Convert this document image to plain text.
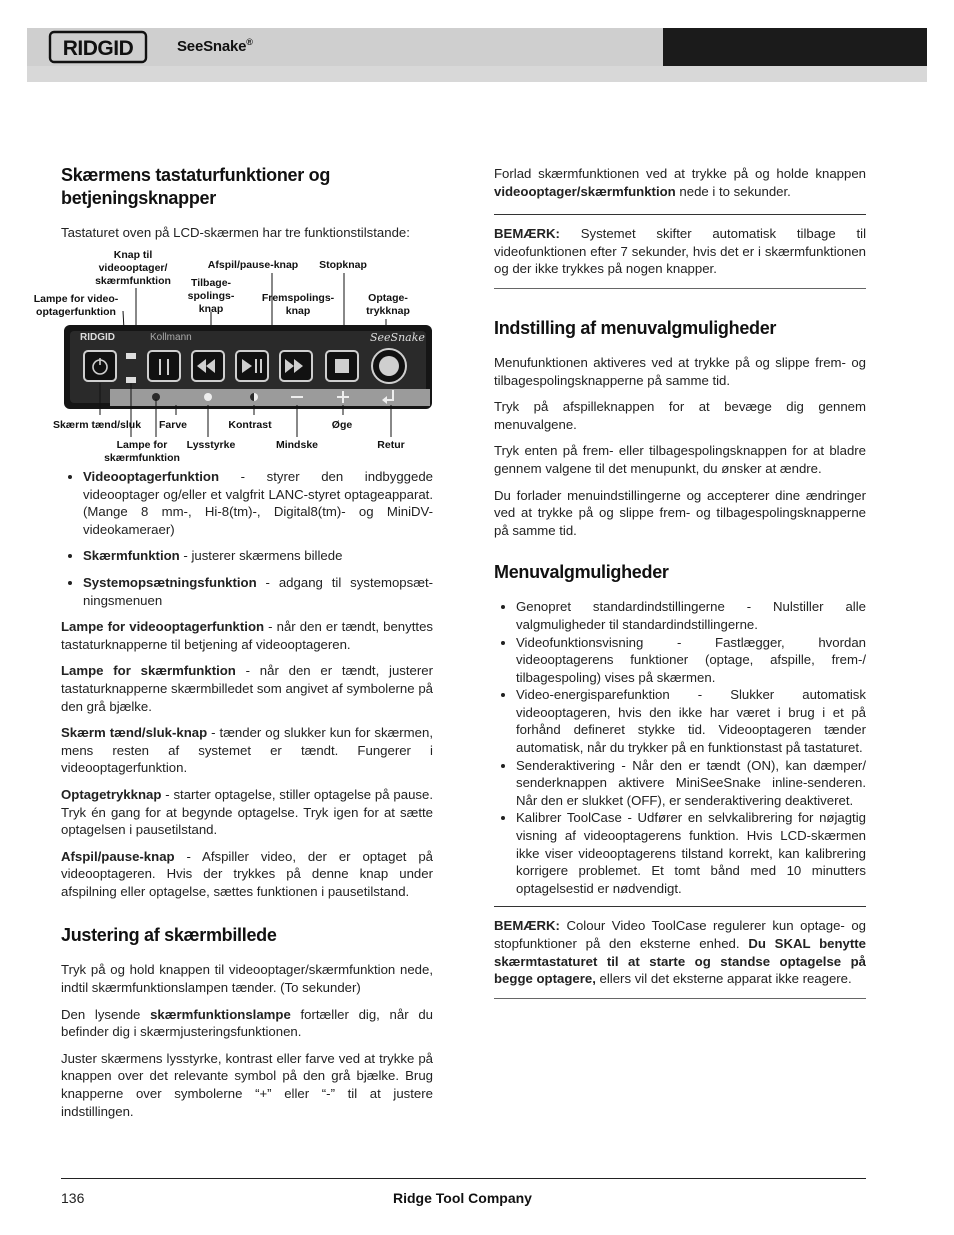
RIDGID	SeeSnake®
Skærmens tastaturfunktioner og betjeningsknapper

Tastaturet oven på LCD-skærmen har tre funktionstilstande:

Knap til videooptager/ skærmfunktion
Afspil/pause-knap	Stopknap
Lampe for video- optagerfunktion
Tilbage- spolings- knap
Fremspolings- knap
Optage- trykknap
RIDGID	Kollmann	SeeSnake
Skærm tænd/sluk	Farve	Kontrast	Øge
Lampe for skærmfunktion
Lysstyrke	Mindske	Retur
• Videooptagerfunktion - styrer den indbyggede videooptager og/eller et valgfrit LANC-styret optageapparat. (Mange 8 mm-, Hi-8(tm)-, Digital8(tm)- og MiniDV-videokameraer)
• Skærmfunktion - justerer skærmens billede
• Systemopsætningsfunktion - adgang til systemopsæt-ningsmenuen

Lampe for videooptagerfunktion - når den er tændt, benyttes tastaturknapperne til betjening af videooptageren.

Lampe for skærmfunktion - når den er tændt, justerer tastaturknapperne skærmbilledet som angivet af symbolerne på den grå bjælke.

Skærm tænd/sluk-knap - tænder og slukker kun for skærmen, mens resten af systemet er tændt. Fungerer i videooptagerfunktion.

Optagetrykknap - starter optagelse, stiller optagelse på pause. Tryk én gang for at begynde optagelse. Tryk igen for at sætte optagelsen i pausetilstand.

Afspil/pause-knap - Afspiller video, der er optaget på videooptageren. Hvis der trykkes på denne knap under afspilning eller optagelse, sættes funktionen i pausetilstand.

Justering af skærmbillede

Tryk på og hold knappen til videooptager/skærmfunktion nede, indtil skærmfunktionslampen tænder. (To sekunder)

Den lysende skærmfunktionslampe fortæller dig, når du befinder dig i skærmjusteringsfunktionen.

Juster skærmens lysstyrke, kontrast eller farve ved at trykke på knappen over det relevante symbol på den grå bjælke. Brug knapperne over symbolerne “+” eller “-” til at justere indstillingen.

Forlad skærmfunktionen ved at trykke på og holde knappen videooptager/skærmfunktion nede i to sekunder.

BEMÆRK: Systemet skifter automatisk tilbage til videofunktionen efter 7 sekunder, hvis det er i skærmfunktionen og der ikke trykkes på nogen knapper.

Indstilling af menuvalgmuligheder

Menufunktionen aktiveres ved at trykke på og slippe frem- og tilbagespolingsknapperne på samme tid.

Tryk på afspilleknappen for at bevæge dig gennem menuvalgene.

Tryk enten på frem- eller tilbagespolingsknappen for at bladre gennem valgene til det menupunkt, du ønsker at ændre.

Du forlader menuindstillingerne og accepterer dine ændringer ved at trykke på og slippe frem- og tilbagespolingsknapperne på samme tid.

Menuvalgmuligheder
• Genopret standardindstillingerne - Nulstiller alle valgmuligheder til standardindstillingerne.
• Videofunktionsvisning - Fastlægger, hvordan videooptagerens funktioner (optage, afspille, frem-/ tilbagespoling) vises på skærmen.
• Video-energisparefunktion - Slukker automatisk videooptageren, hvis den ikke har været i brug i et på forhånd defineret stykke tid. Videooptageren tænder automatisk, når du trykker på en funktionstast på tastaturet.
• Senderaktivering - Når den er tændt (ON), kan dæmper/ senderknappen aktivere MiniSeeSnake inline-senderen. Når den er slukket (OFF), er senderaktivering deaktiveret.
• Kalibrer ToolCase - Udfører en selvkalibrering for nøjagtig visning af videooptagerens funktion. Hvis LCD-skærmen ikke viser videooptagerens tilstand korrekt, kan kalibrering korrigere problemet. Et tomt bånd med 10 minutters optagelsestid er nødvendigt.

BEMÆRK: Colour Video ToolCase regulerer kun optage- og stopfunktioner på den eksterne enhed. Du SKAL benytte skærmtastaturet til at starte og standse optagelse på begge optagere, ellers vil det eksterne apparat ikke reagere.

136	Ridge Tool Company
